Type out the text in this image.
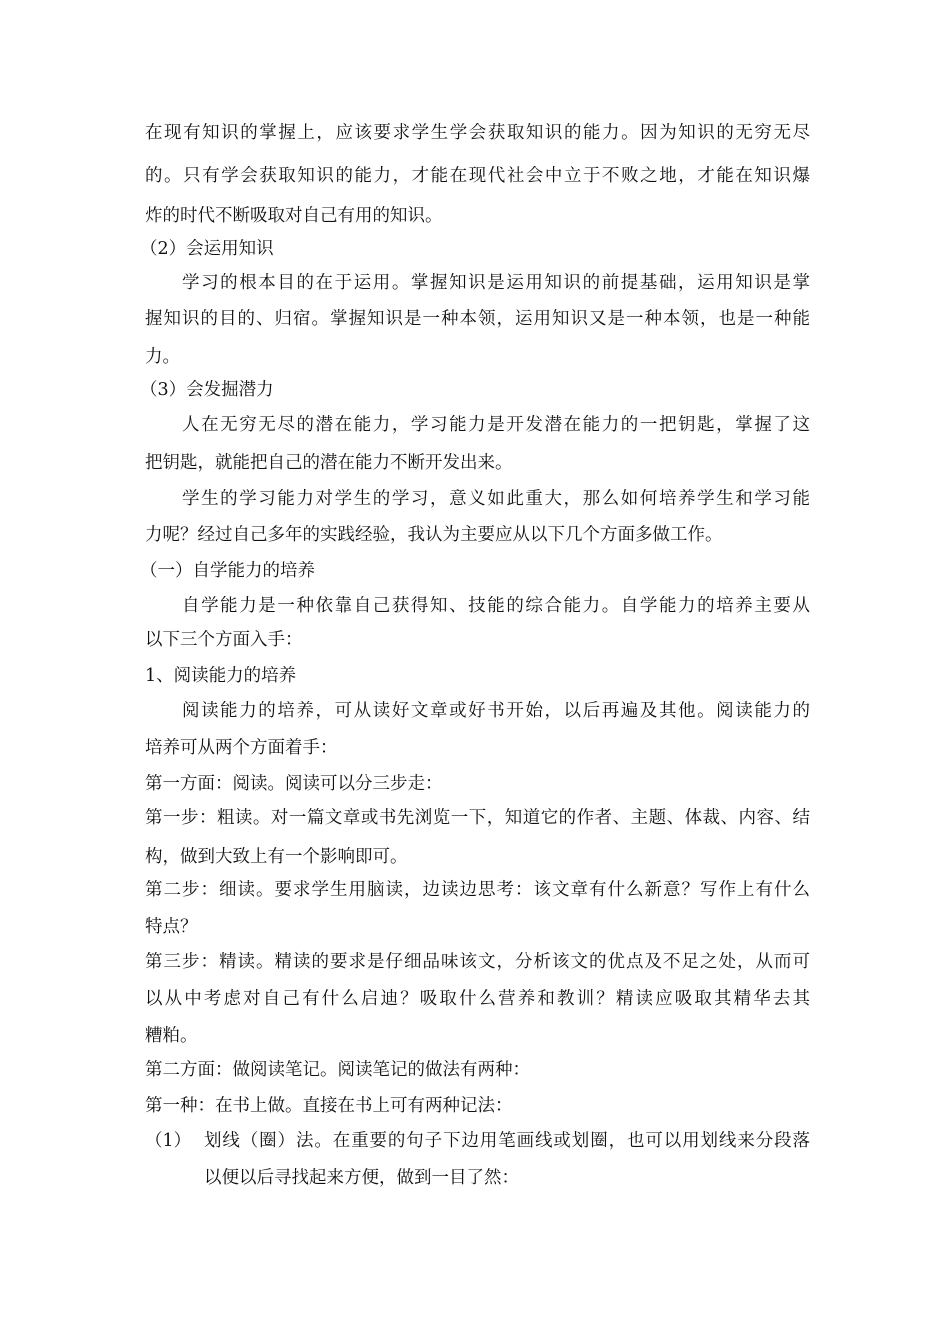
在现有知识的掌握上，应该要求学生学会获取知识的能力。因为知识的无穷无尽
的。只有学会获取知识的能力，才能在现代社会中立于不败之地，才能在知识爆
炸的时代不断吸取对自己有用的知识。
（2）会运用知识
学习的根本目的在于运用。掌握知识是运用知识的前提基础，运用知识是掌
握知识的目的、归宿。掌握知识是一种本领，运用知识又是一种本领，也是一种能
力。
（3）会发掘潜力
人在无穷无尽的潜在能力，学习能力是开发潜在能力的一把钥匙，掌握了这
把钥匙，就能把自己的潜在能力不断开发出来。
学生的学习能力对学生的学习，意义如此重大，那么如何培养学生和学习能
力呢？经过自己多年的实践经验，我认为主要应从以下几个方面多做工作。
（一）自学能力的培养
自学能力是一种依靠自己获得知、技能的综合能力。自学能力的培养主要从
以下三个方面入手：
1、阅读能力的培养
阅读能力的培养，可从读好文章或好书开始，以后再遍及其他。阅读能力的
培养可从两个方面着手：
第一方面：阅读。阅读可以分三步走：
第一步：粗读。对一篇文章或书先浏览一下，知道它的作者、主题、体裁、内容、结
构，做到大致上有一个影响即可。
第二步：细读。要求学生用脑读，边读边思考：该文章有什么新意？写作上有什么
特点？
第三步：精读。精读的要求是仔细品味该文，分析该文的优点及不足之处，从而可
以从中考虑对自己有什么启迪？吸取什么营养和教训？精读应吸取其精华去其
糟粕。
第二方面：做阅读笔记。阅读笔记的做法有两种：
第一种：在书上做。直接在书上可有两种记法：
（1） 划线（圈）法。在重要的句子下边用笔画线或划圈，也可以用划线来分段落
以便以后寻找起来方便，做到一目了然：
